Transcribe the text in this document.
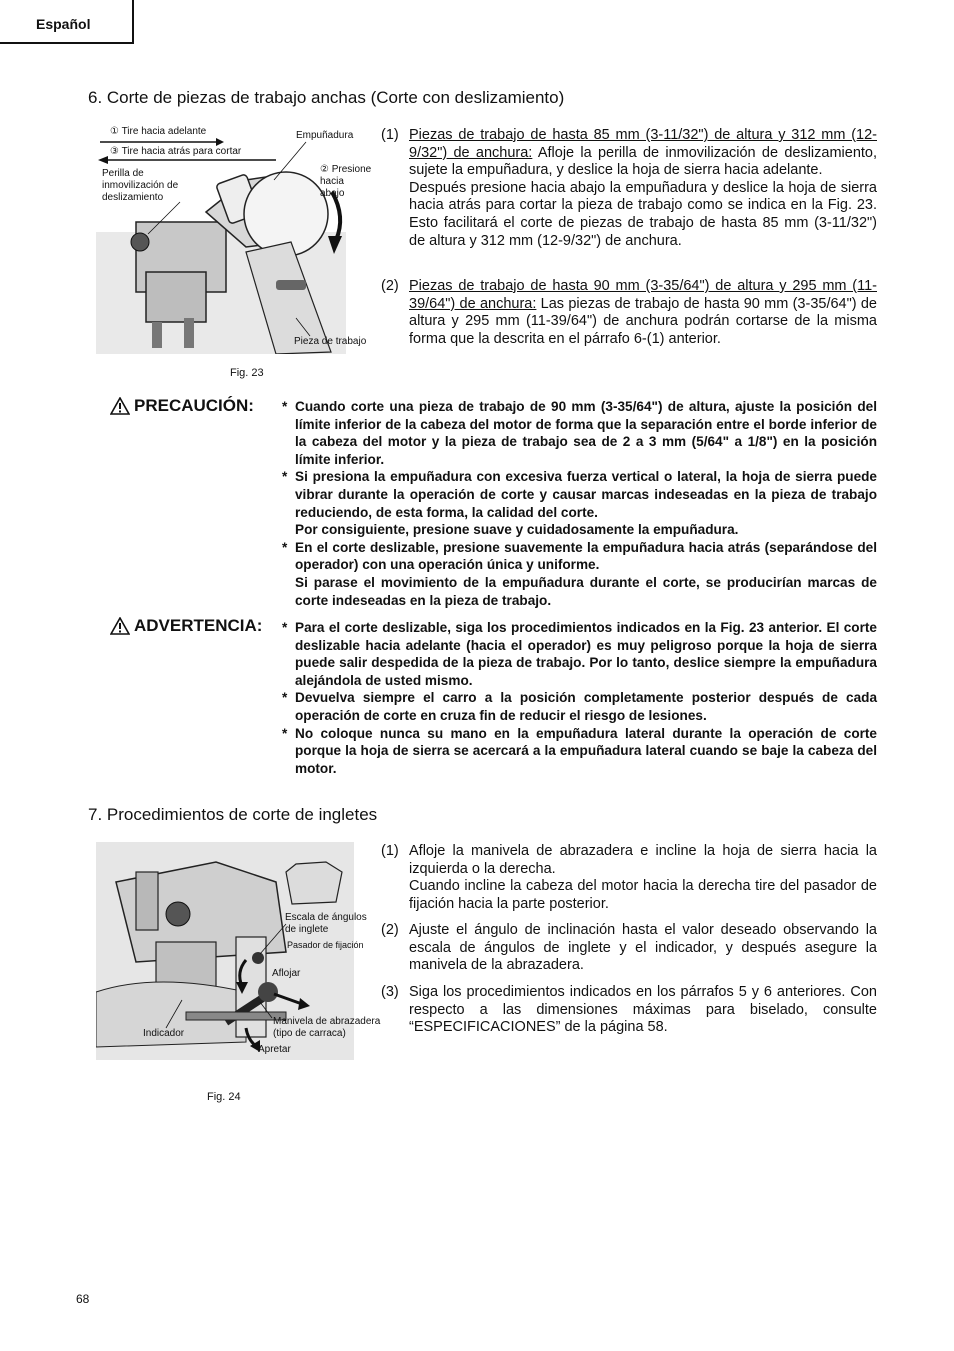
Español
6. Corte de piezas de trabajo anchas (Corte con deslizamiento)
① Tire hacia adelante
③ Tire hacia atrás para cortar
Perilla de
inmovilización de
deslizamiento
Empuñadura
② Presione
hacia
abajo
Pieza de trabajo
Fig. 23
(1) Piezas de trabajo de hasta 85 mm (3-11/32") de altura y 312 mm (12-9/32") de anchura: Afloje la perilla de inmovilización de deslizamiento, sujete la empuñadura, y deslice la hoja de sierra hacia adelante.
Después presione hacia abajo la empuñadura y deslice la hoja de sierra hacia atrás para cortar la pieza de trabajo como se indica en la Fig. 23. Esto facilitará el corte de piezas de trabajo de hasta 85 mm (3-11/32") de altura y 312 mm (12-9/32") de anchura.
(2) Piezas de trabajo de hasta 90 mm (3-35/64") de altura y 295 mm (11-39/64") de anchura: Las piezas de trabajo de hasta 90 mm (3-35/64") de altura y 295 mm (11-39/64") de anchura podrán cortarse de la misma forma que la descrita en el párrafo 6-(1) anterior.
PRECAUCIÓN: * Cuando corte una pieza de trabajo de 90 mm (3-35/64") de altura, ajuste la posición del límite inferior de la cabeza del motor de forma que la separación entre el borde inferior de la cabeza del motor y la pieza de trabajo sea de 2 a 3 mm (5/64" a 1/8") en la posición límite inferior.
* Si presiona la empuñadura con excesiva fuerza vertical o lateral, la hoja de sierra puede vibrar durante la operación de corte y causar marcas indeseadas en la pieza de trabajo reduciendo, de esta forma, la calidad del corte.
Por consiguiente, presione suave y cuidadosamente la empuñadura.
* En el corte deslizable, presione suavemente la empuñadura hacia atrás (separándose del operador) con una operación única y uniforme.
Si parase el movimiento de la empuñadura durante el corte, se producirían marcas de corte indeseadas en la pieza de trabajo.
ADVERTENCIA: * Para el corte deslizable, siga los procedimientos indicados en la Fig. 23 anterior. El corte deslizable hacia adelante (hacia el operador) es muy peligroso porque la hoja de sierra puede salir despedida de la pieza de trabajo. Por lo tanto, deslice siempre la empuñadura alejándola de usted mismo.
* Devuelva siempre el carro a la posición completamente posterior después de cada operación de corte en cruza fin de reducir el riesgo de lesiones.
* No coloque nunca su mano en la empuñadura lateral durante la operación de corte porque la hoja de sierra se acercará a la empuñadura lateral cuando se baje la cabeza del motor.
7. Procedimientos de corte de ingletes
Escala de ángulos
de inglete
Pasador de fijación
Aflojar
Manivela de abrazadera
(tipo de carraca)
Indicador
Apretar
Fig. 24
(1) Afloje la manivela de abrazadera e incline la hoja de sierra hacia la izquierda o la derecha.
Cuando incline la cabeza del motor hacia la derecha tire del pasador de fijación hacia la parte posterior.
(2) Ajuste el ángulo de inclinación hasta el valor deseado observando la escala de ángulos de inglete y el indicador, y después asegure la manivela de la abrazadera.
(3) Siga los procedimientos indicados en los párrafos 5 y 6 anteriores. Con respecto a las dimensiones máximas para biselado, consulte “ESPECIFICACIONES” de la página 58.
68
